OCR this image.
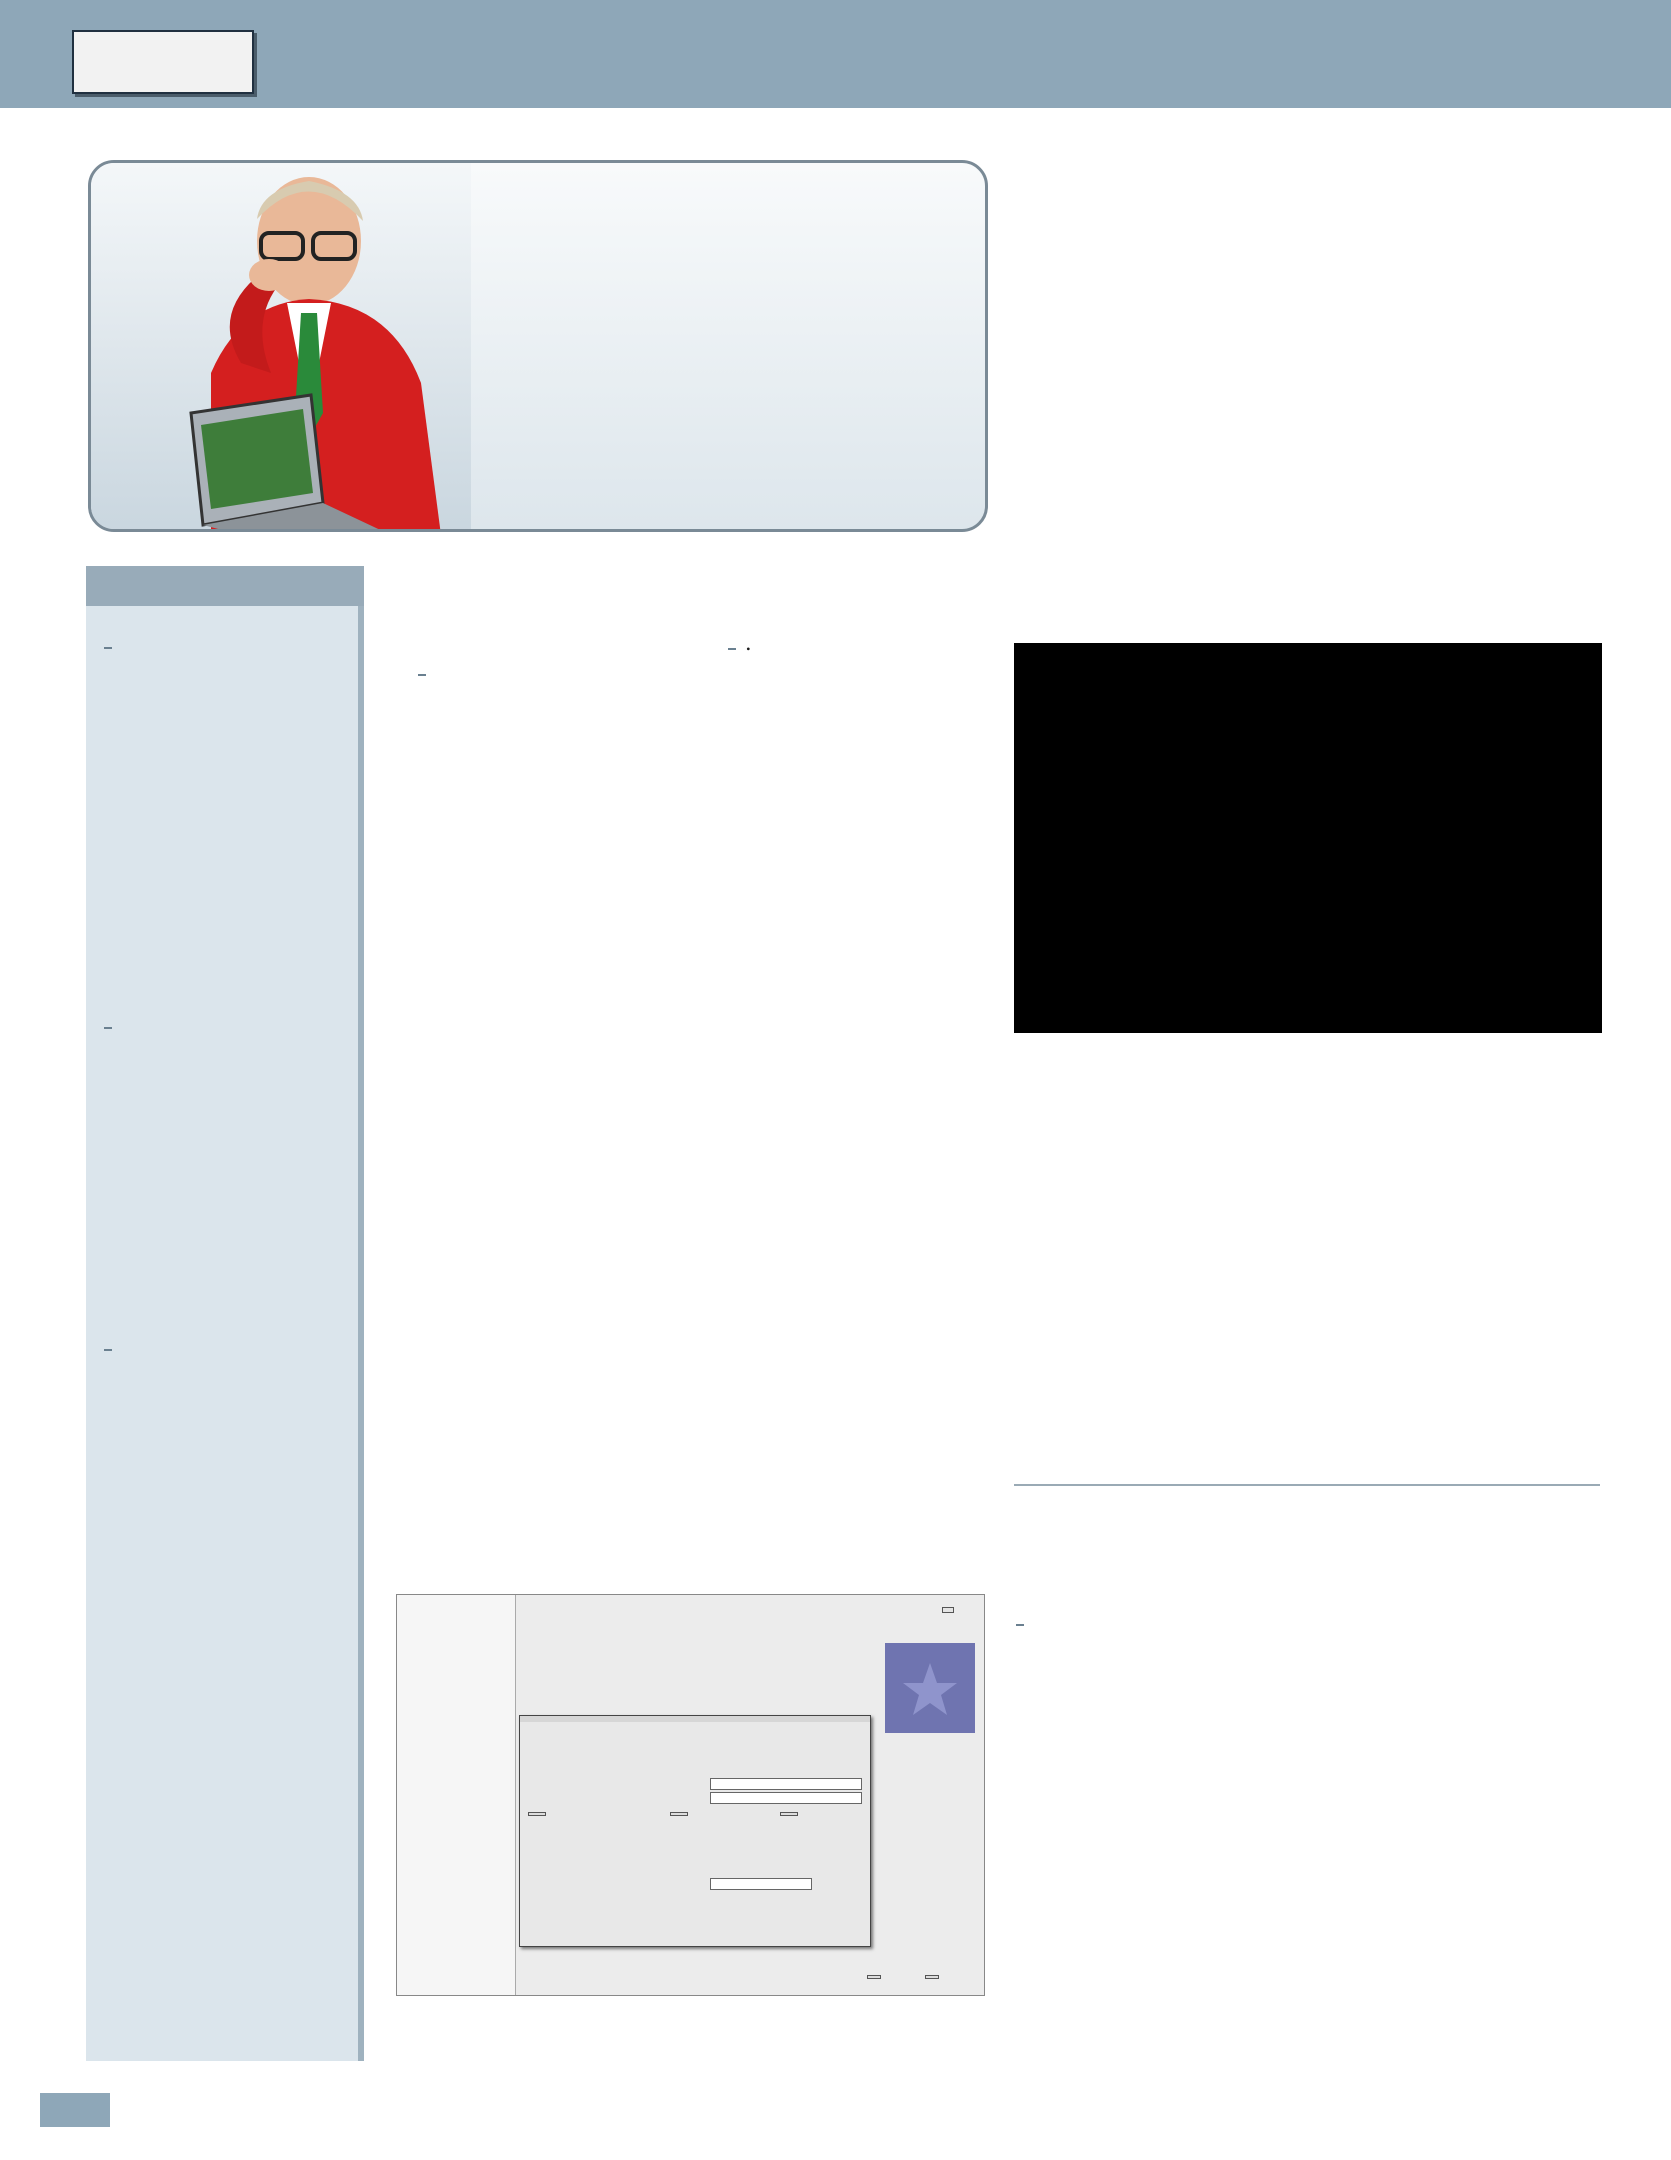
.
